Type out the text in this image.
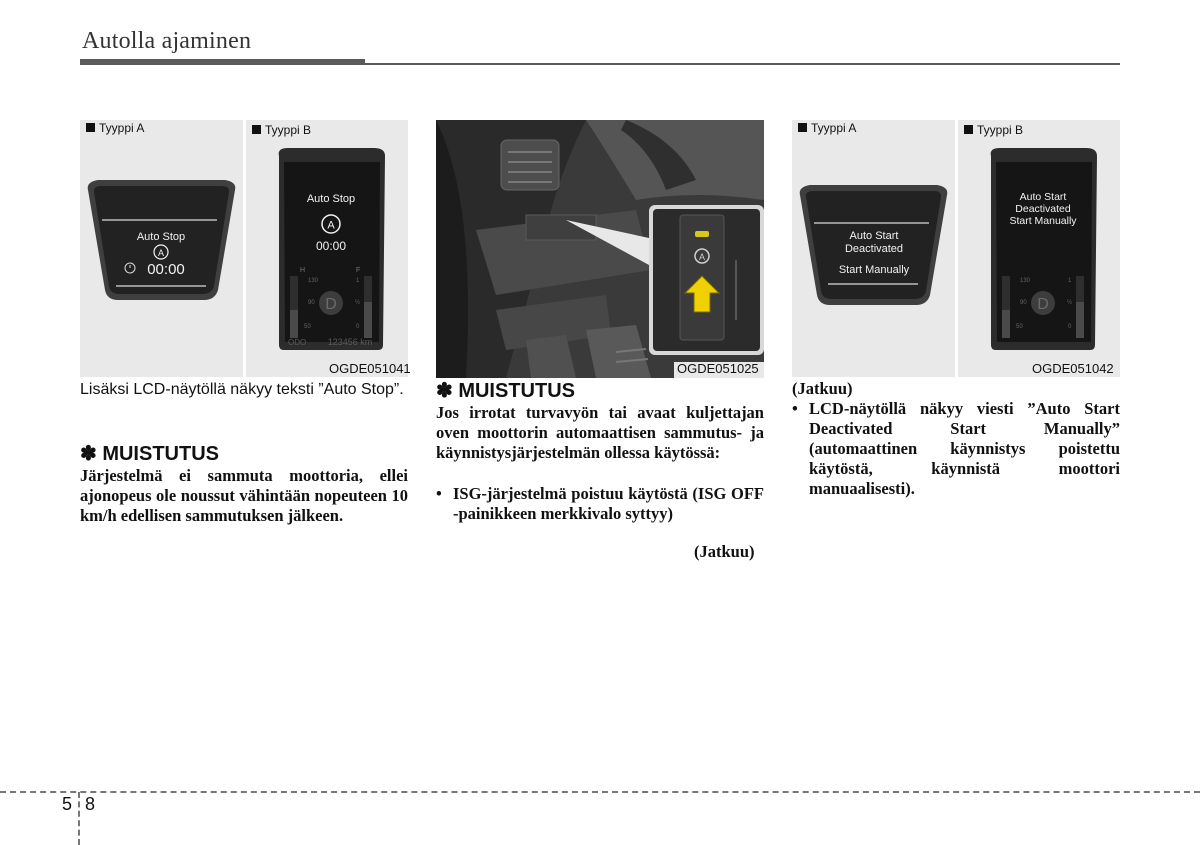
Autolla ajaminen
Tyyppi A	Tyyppi B
Auto Stop
A
00:00
Auto Stop
A
00:00
H	F
130
90
50
1
½
0
D
ODO 123456 km
OGDE051041
A
OGDE051025
Tyyppi A	Tyyppi B
Auto Start
Deactivated
Start Manually
Auto Start
Deactivated
Start Manually
130
90
50
1
½
0
D
OGDE051042
Lisäksi LCD-näytöllä näkyy teksti ”Auto Stop”.
✽ MUISTUTUS
Järjestelmä ei sammuta moottoria, ellei ajonopeus ole noussut vähintään nopeuteen 10 km/h edellisen sammutuksen jälkeen.
✽ MUISTUTUS
Jos irrotat turvavyön tai avaat kuljettajan oven moottorin automaattisen sammutus- ja käynnistysjärjestelmän ollessa käytössä:
• ISG-järjestelmä poistuu käytöstä (ISG OFF -painikkeen merkkivalo syttyy)
(Jatkuu)
(Jatkuu)
• LCD-näytöllä näkyy viesti ”Auto Start Deactivated Start Manually” (automaattinen käynnistys poistettu käytöstä, käynnistä moottori manuaalisesti).
5 8
